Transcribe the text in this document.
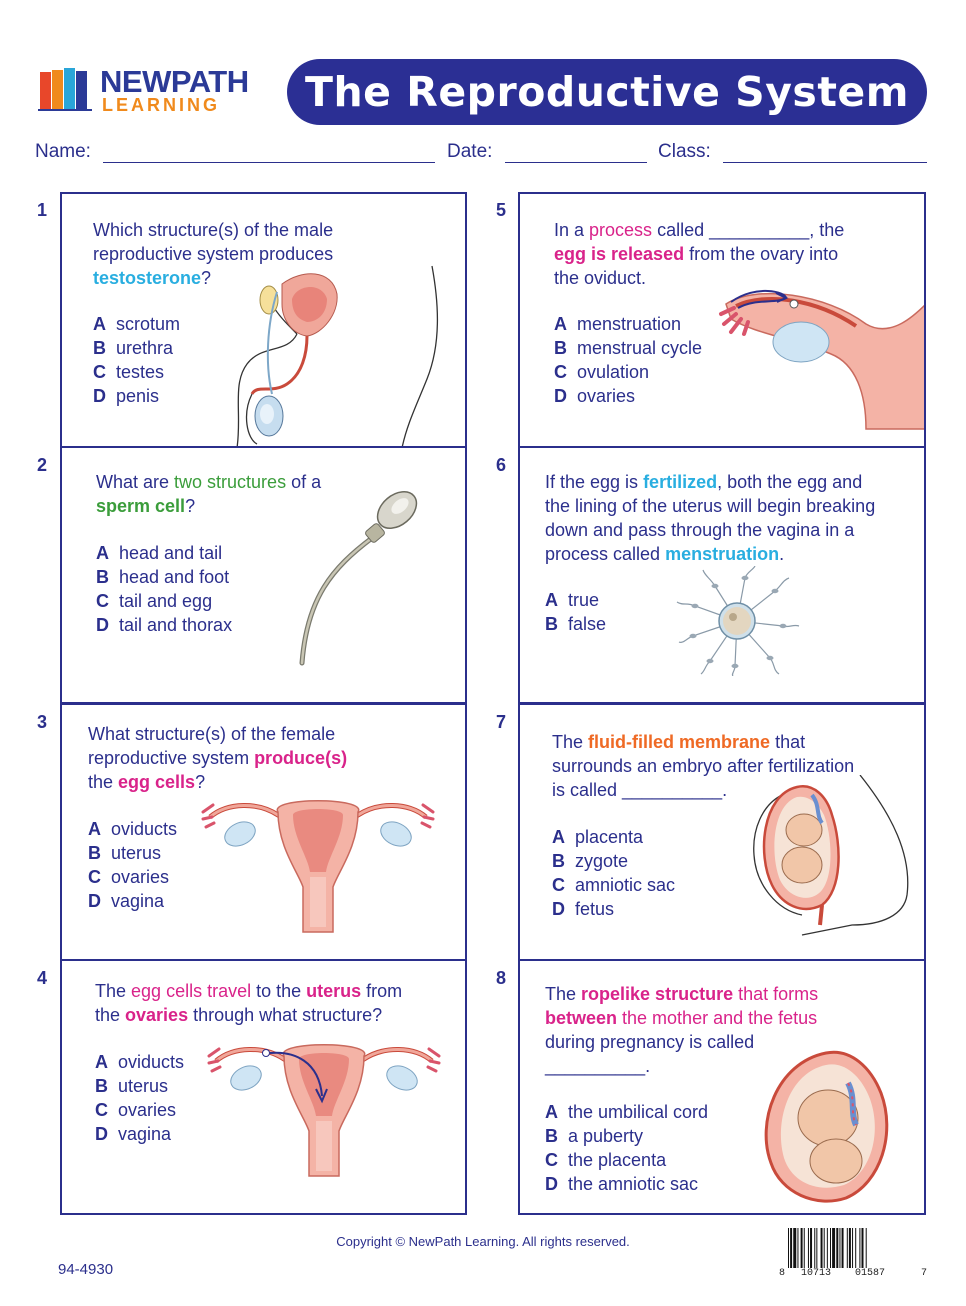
NEWPATH
LEARNING The Reproductive System
Name:	Date:	Class:
1
Which structure(s) of the male
reproductive system produces
testosterone?
A scrotum
B urethra
C testes
D penis
2
What are two structures of a
sperm cell?
A head and tail
B head and foot
C tail and egg
D tail and thorax
3
What structure(s) of the female
reproductive system produce(s)
the egg cells?
A oviducts
B uterus
C ovaries
D vagina
4
The egg cells travel to the uterus from
the ovaries through what structure?
A oviducts
B uterus
C ovaries
D vagina
5
In a process called __________, the
egg is released from the ovary into
the oviduct.
A menstruation
B menstrual cycle
C ovulation
D ovaries
6
If the egg is fertilized, both the egg and
the lining of the uterus will begin breaking
down and pass through the vagina in a
process called menstruation.
A true
B false
7
The fluid-filled membrane that
surrounds an embryo after fertilization
is called __________.
A placenta
B zygote
C amniotic sac
D fetus
8
The ropelike structure that forms
between the mother and the fetus
during pregnancy is called
__________.
A the umbilical cord
B a puberty
C the placenta
D the amniotic sac
Copyright © NewPath Learning. All rights reserved.
94-4930	8 10713 01587	7
